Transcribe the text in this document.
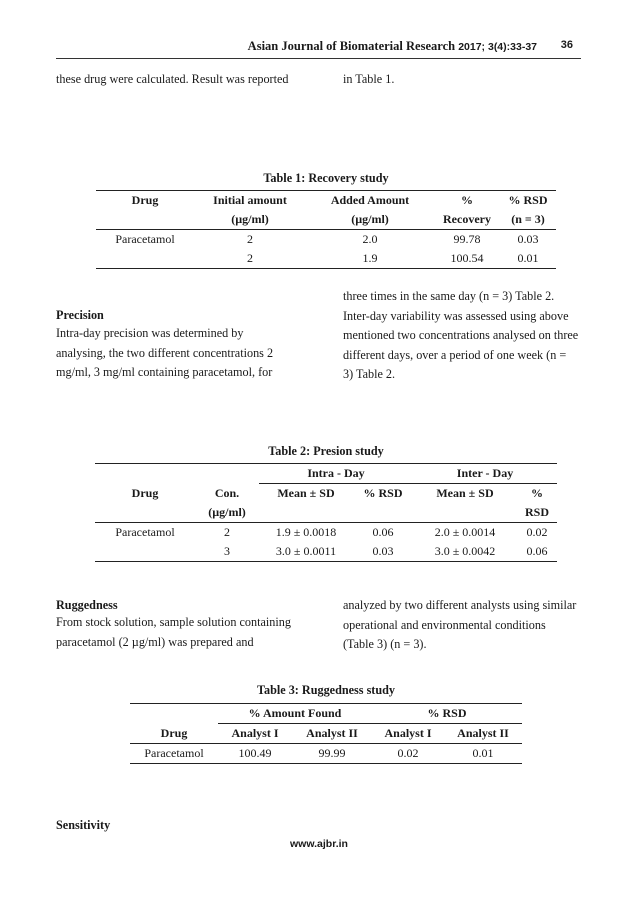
Asian Journal of Biomaterial Research 2017; 3(4):33-37 36
these drug were calculated. Result was reported	in Table 1.
Table 1: Recovery study
Drug	Initial amount	Added Amount	%	% RSD
	(µg/ml)	(µg/ml)	Recovery	(n = 3)
Paracetamol	2	2.0	99.78	0.03
	2	1.9	100.54	0.01
Precision
Intra-day precision was determined by
analysing, the two different concentrations 2
mg/ml, 3 mg/ml containing paracetamol, for
three times in the same day (n = 3) Table 2.
Inter-day variability was assessed using above
mentioned two concentrations analysed on three
different days, over a period of one week (n =
3) Table 2.
Table 2: Presion study
		Intra - Day		Inter - Day	
Drug	Con.	Mean ± SD	% RSD	Mean ± SD	%
	(µg/ml)				RSD
Paracetamol	2	1.9 ± 0.0018	0.06	2.0 ± 0.0014	0.02
	3	3.0 ± 0.0011	0.03	3.0 ± 0.0042	0.06
Ruggedness
From stock solution, sample solution containing
paracetamol (2 µg/ml) was prepared and
analyzed by two different analysts using similar
operational and environmental conditions
(Table 3) (n = 3).
Table 3: Ruggedness study
	% Amount Found		% RSD	
Drug	Analyst I	Analyst II	Analyst I	Analyst II
Paracetamol	100.49	99.99	0.02	0.01
Sensitivity
www.ajbr.in
